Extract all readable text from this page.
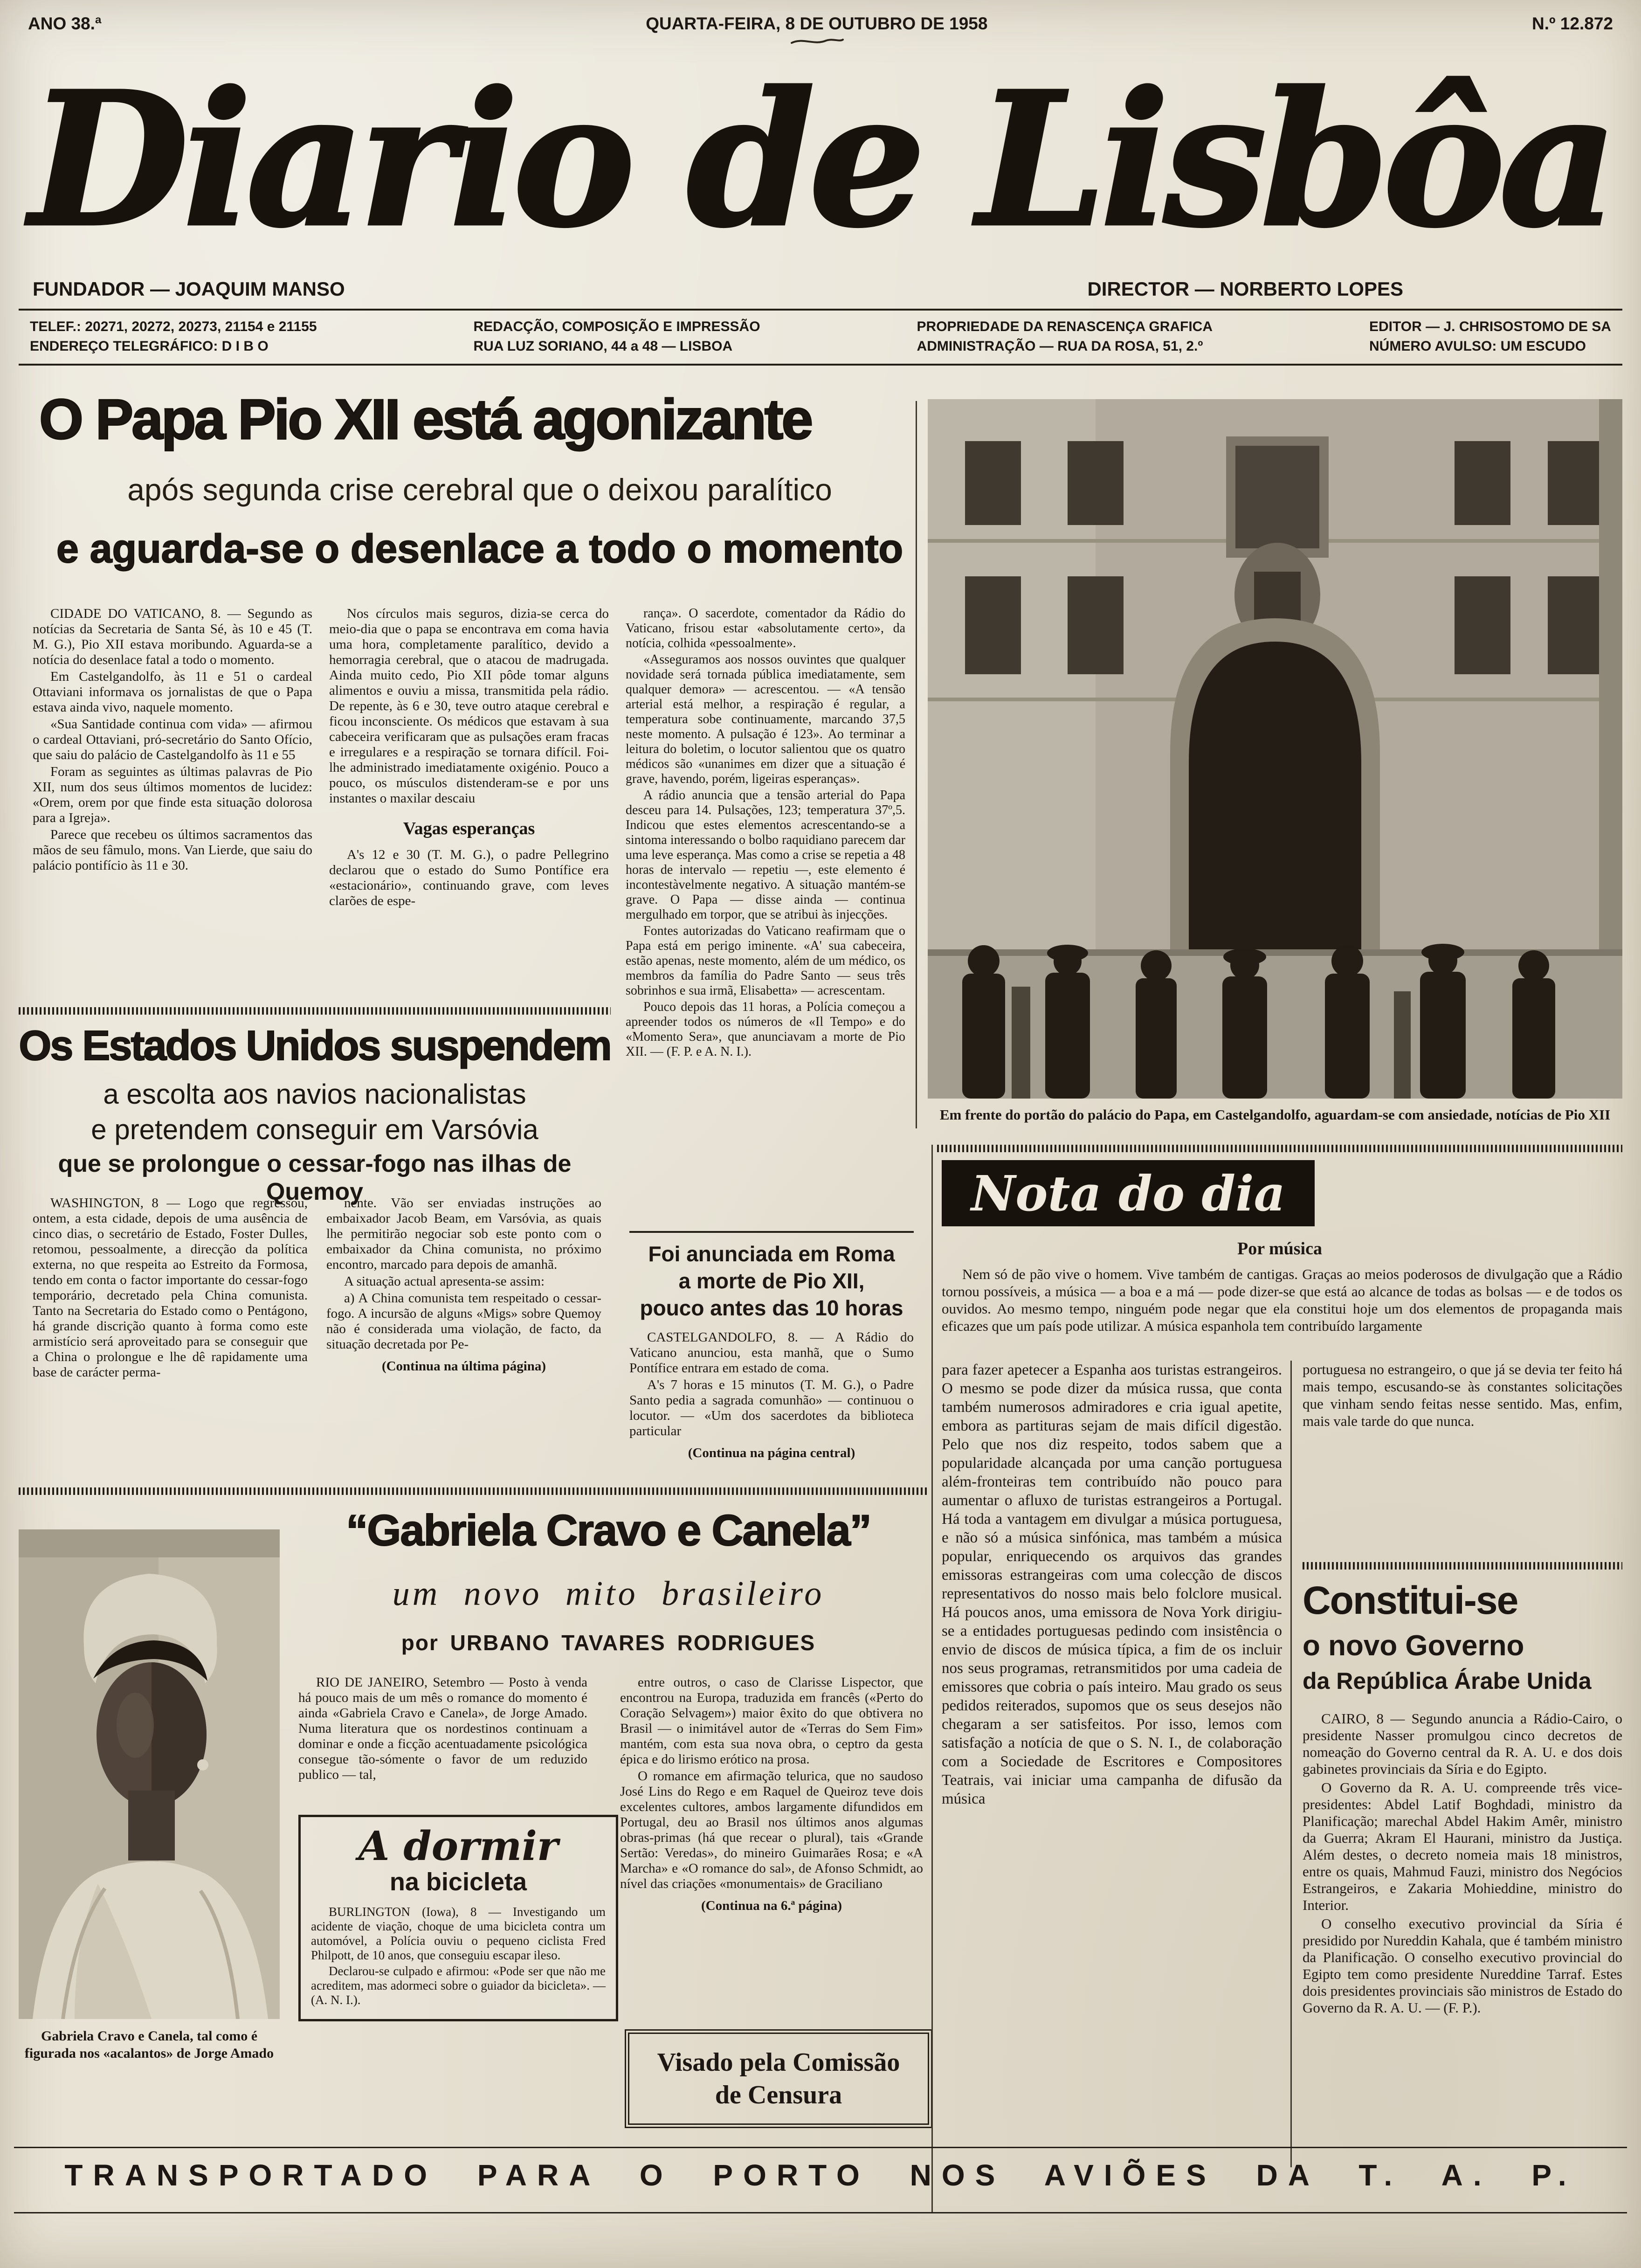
ANO 38.ª	QUARTA-FEIRA, 8 DE OUTUBRO DE 1958	N.º 12.872
Diario de Lisbôa
FUNDADOR — JOAQUIM MANSO	DIRECTOR — NORBERTO LOPES
TELEF.: 20271, 20272, 20273, 21154 e 21155
ENDEREÇO TELEGRÁFICO: D I B O
REDACÇÃO, COMPOSIÇÃO E IMPRESSÃO
RUA LUZ SORIANO, 44 a 48 — LISBOA
PROPRIEDADE DA RENASCENÇA GRAFICA
ADMINISTRAÇÃO — RUA DA ROSA, 51, 2.º
EDITOR — J. CHRISOSTOMO DE SA
NÚMERO AVULSO: UM ESCUDO
O Papa Pio XII está agonizante
após segunda crise cerebral que o deixou paralítico
e aguarda-se o desenlace a todo o momento

CIDADE DO VATICANO, 8. — Segundo as notícias da Secretaria de Santa Sé, às 10 e 45 (T. M. G.), Pio XII estava moribundo. Aguarda-se a notícia do desenlace fatal a todo o momento.

Em Castelgandolfo, às 11 e 51 o cardeal Ottaviani informava os jornalistas de que o Papa estava ainda vivo, naquele momento.

«Sua Santidade continua com vida» — afirmou o cardeal Ottaviani, pró-secretário do Santo Ofício, que saiu do palácio de Castelgandolfo às 11 e 55

Foram as seguintes as últimas palavras de Pio XII, num dos seus últimos momentos de lucidez: «Orem, orem por que finde esta situação dolorosa para a Igreja».

Parece que recebeu os últimos sacramentos das mãos de seu fâmulo, mons. Van Lierde, que saiu do palácio pontifício às 11 e 30.

Nos círculos mais seguros, dizia-se cerca do meio-dia que o papa se encontrava em coma havia uma hora, completamente paralítico, devido a hemorragia cerebral, que o atacou de madrugada. Ainda muito cedo, Pio XII pôde tomar alguns alimentos e ouviu a missa, transmitida pela rádio. De repente, às 6 e 30, teve outro ataque cerebral e ficou inconsciente. Os médicos que estavam à sua cabeceira verificaram que as pulsações eram fracas e irregulares e a respiração se tornara difícil. Foi-lhe administrado imediatamente oxigénio. Pouco a pouco, os músculos distenderam-se e por uns instantes o maxilar descaiu

Vagas esperanças

A's 12 e 30 (T. M. G.), o padre Pellegrino declarou que o estado do Sumo Pontífice era «estacionário», continuando grave, com leves clarões de espe-

rança». O sacerdote, comentador da Rádio do Vaticano, frisou estar «absolutamente certo», da notícia, colhida «pessoalmente».

«Asseguramos aos nossos ouvintes que qualquer novidade será tornada pública imediatamente, sem qualquer demora» — acrescentou. — «A tensão arterial está melhor, a respiração é regular, a temperatura sobe continuamente, marcando 37,5 neste momento. A pulsação é 123». Ao terminar a leitura do boletim, o locutor salientou que os quatro médicos são «unanimes em dizer que a situação é grave, havendo, porém, ligeiras esperanças».

A rádio anuncia que a tensão arterial do Papa desceu para 14. Pulsações, 123; temperatura 37º,5. Indicou que estes elementos acrescentando-se a sintoma interessando o bolbo raquidiano parecem dar uma leve esperança. Mas como a crise se repetia a 48 horas de intervalo — repetiu —, este elemento é incontestàvelmente negativo. A situação mantém-se grave. O Papa — disse ainda — continua mergulhado em torpor, que se atribui às injecções.

Fontes autorizadas do Vaticano reafirmam que o Papa está em perigo iminente. «A' sua cabeceira, estão apenas, neste momento, além de um médico, os membros da família do Padre Santo — seus três sobrinhos e sua irmã, Elisabetta» — acrescentam.

Pouco depois das 11 horas, a Polícia começou a apreender todos os números de «Il Tempo» e do «Momento Sera», que anunciavam a morte de Pio XII. — (F. P. e A. N. I.).

Em frente do portão do palácio do Papa, em Castelgandolfo, aguardam-se com ansiedade, notícias de Pio XII
Os Estados Unidos suspendem
a escolta aos navios nacionalistas
e pretendem conseguir em Varsóvia
que se prolongue o cessar-fogo nas ilhas de Quemoy

WASHINGTON, 8 — Logo que regressou, ontem, a esta cidade, depois de uma ausência de cinco dias, o secretário de Estado, Foster Dulles, retomou, pessoalmente, a direcção da política externa, no que respeita ao Estreito da Formosa, tendo em conta o factor importante do cessar-fogo temporário, decretado pela China comunista. Tanto na Secretaria do Estado como o Pentágono, há grande discrição quanto à forma como este armistício será aproveitado para se conseguir que a China o prolongue e lhe dê rapidamente uma base de carácter perma-

nente. Vão ser enviadas instruções ao embaixador Jacob Beam, em Varsóvia, as quais lhe permitirão negociar sob este ponto com o embaixador da China comunista, no próximo encontro, marcado para depois de amanhã.

A situação actual apresenta-se assim:

a) A China comunista tem respeitado o cessar-fogo. A incursão de alguns «Migs» sobre Quemoy não é considerada uma violação, de facto, da situação decretada por Pe-

(Continua na última página)
Foi anunciada em Roma
a morte de Pio XII,
pouco antes das 10 horas

CASTELGANDOLFO, 8. — A Rádio do Vaticano anunciou, esta manhã, que o Sumo Pontífice entrara em estado de coma.

A's 7 horas e 15 minutos (T. M. G.), o Padre Santo pedia a sagrada comunhão» — continuou o locutor. — «Um dos sacerdotes da biblioteca particular

(Continua na página central)
Nota do dia
Por música
Nem só de pão vive o homem. Vive também de cantigas. Graças ao meios poderosos de divulgação que a Rádio tornou possíveis, a música — a boa e a má — pode dizer-se que está ao alcance de todas as bolsas — e de todos os ouvidos. Ao mesmo tempo, ninguém pode negar que ela constitui hoje um dos elementos de propaganda mais eficazes que um país pode utilizar. A música espanhola tem contribuído largamente
para fazer apetecer a Espanha aos turistas estrangeiros. O mesmo se pode dizer da música russa, que conta também numerosos admiradores e cria igual apetite, embora as partituras sejam de mais difícil digestão. Pelo que nos diz respeito, todos sabem que a popularidade alcançada por uma canção portuguesa além-fronteiras tem contribuído não pouco para aumentar o afluxo de turistas estrangeiros a Portugal. Há toda a vantagem em divulgar a música portuguesa, e não só a música sinfónica, mas também a música popular, enriquecendo os arquivos das grandes emissoras estrangeiras com uma colecção de discos representativos do nosso mais belo folclore musical. Há poucos anos, uma emissora de Nova York dirigiu-se a entidades portuguesas pedindo com insistência o envio de discos de música típica, a fim de os incluir nos seus programas, retransmitidos por uma cadeia de emissores que cobria o país inteiro. Mau grado os seus pedidos reiterados, supomos que os seus desejos não chegaram a ser satisfeitos. Por isso, lemos com satisfação a notícia de que o S. N. I., de colaboração com a Sociedade de Escritores e Compositores Teatrais, vai iniciar uma campanha de difusão da música
portuguesa no estrangeiro, o que já se devia ter feito há mais tempo, escusando-se às constantes solicitações que vinham sendo feitas nesse sentido. Mas, enfim, mais vale tarde do que nunca.
Constitui-se
o novo Governo
da República Árabe Unida

CAIRO, 8 — Segundo anuncia a Rádio-Cairo, o presidente Nasser promulgou cinco decretos de nomeação do Governo central da R. A. U. e dos dois gabinetes provinciais da Síria e do Egipto.

O Governo da R. A. U. compreende três vice-presidentes: Abdel Latif Boghdadi, ministro da Planificação; marechal Abdel Hakim Amêr, ministro da Guerra; Akram El Haurani, ministro da Justiça. Além destes, o decreto nomeia mais 18 ministros, entre os quais, Mahmud Fauzi, ministro dos Negócios Estrangeiros, e Zakaria Mohieddine, ministro do Interior.

O conselho executivo provincial da Síria é presidido por Nureddin Kahala, que é também ministro da Planificação. O conselho executivo provincial do Egipto tem como presidente Nureddine Tarraf. Estes dois presidentes provinciais são ministros de Estado do Governo da R. A. U. — (F. P.).

“Gabriela Cravo e Canela”
um novo mito brasileiro
por URBANO TAVARES RODRIGUES
Gabriela Cravo e Canela, tal como é figurada nos «acalantos» de Jorge Amado

RIO DE JANEIRO, Setembro — Posto à venda há pouco mais de um mês o romance do momento é ainda «Gabriela Cravo e Canela», de Jorge Amado. Numa literatura que os nordestinos continuam a dominar e onde a ficção acentuadamente psicológica consegue tão-sómente o favor de um reduzido publico — tal,

entre outros, o caso de Clarisse Lispector, que encontrou na Europa, traduzida em francês («Perto do Coração Selvagem») maior êxito do que obtivera no Brasil — o inimitável autor de «Terras do Sem Fim» mantém, com esta sua nova obra, o ceptro da gesta épica e do lirismo erótico na prosa.

O romance em afirmação telurica, que no saudoso José Lins do Rego e em Raquel de Queiroz teve dois excelentes cultores, ambos largamente difundidos em Portugal, deu ao Brasil nos últimos anos algumas obras-primas (há que recear o plural), tais «Grande Sertão: Veredas», do mineiro Guimarães Rosa; e «A Marcha» e «O romance do sal», de Afonso Schmidt, ao nível das criações «monumentais» de Graciliano

(Continua na 6.ª página)
A dormir
na bicicleta

BURLINGTON (Iowa), 8 — Investigando um acidente de viação, choque de uma bicicleta contra um automóvel, a Polícia ouviu o pequeno ciclista Fred Philpott, de 10 anos, que conseguiu escapar ileso.

Declarou-se culpado e afirmou: «Pode ser que não me acreditem, mas adormeci sobre o guiador da bicicleta». — (A. N. I.).

Visado pela Comissão
de Censura
TRANSPORTADO PARA O PORTO NOS AVIÕES DA T. A. P.
